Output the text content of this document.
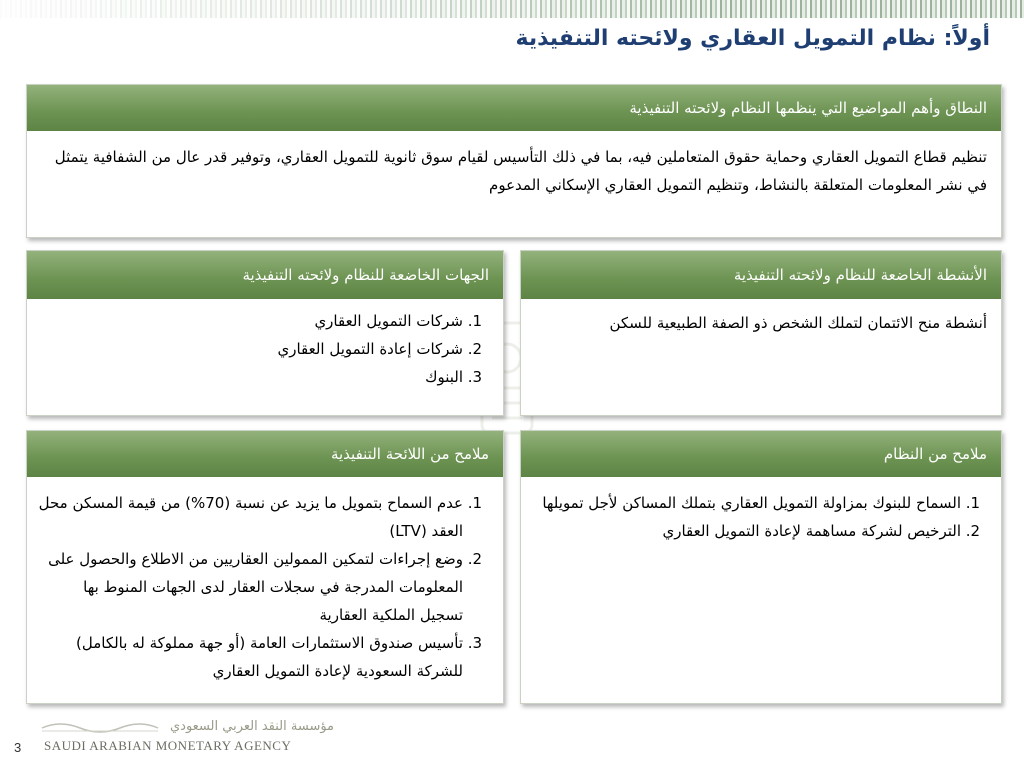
أولاً: نظام التمويل العقاري ولائحته التنفيذية
النطاق وأهم المواضيع التي ينظمها النظام ولائحته التنفيذية

تنظيم قطاع التمويل العقاري وحماية حقوق المتعاملين فيه، بما في ذلك التأسيس لقيام سوق ثانوية للتمويل العقاري، وتوفير قدر عال من الشفافية يتمثل في نشر المعلومات المتعلقة بالنشاط، وتنظيم التمويل العقاري الإسكاني المدعوم

الأنشطة الخاضعة للنظام ولائحته التنفيذية

أنشطة منح الائتمان لتملك الشخص ذو الصفة الطبيعية للسكن

الجهات الخاضعة للنظام ولائحته التنفيذية
1. شركات التمويل العقاري
2. شركات إعادة التمويل العقاري
3. البنوك
ملامح من النظام
1. السماح للبنوك بمزاولة التمويل العقاري بتملك المساكن لأجل تمويلها
2. الترخيص لشركة مساهمة لإعادة التمويل العقاري
ملامح من اللائحة التنفيذية
1. عدم السماح بتمويل ما يزيد عن نسبة (70%) من قيمة المسكن محل العقد (LTV)
2. وضع إجراءات لتمكين الممولين العقاريين من الاطلاع والحصول على المعلومات المدرجة في سجلات العقار لدى الجهات المنوط بها تسجيل الملكية العقارية
3. تأسيس صندوق الاستثمارات العامة (أو جهة مملوكة له بالكامل) للشركة السعودية لإعادة التمويل العقاري
3
مؤسسة النقد العربي السعودي
SAUDI ARABIAN MONETARY AGENCY
